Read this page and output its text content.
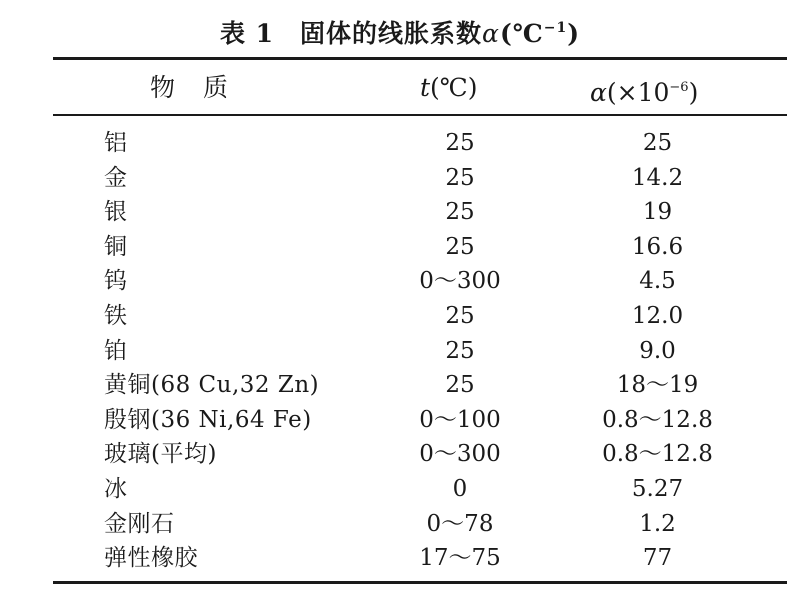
表 1　固体的线胀系数α(℃$^{-1}$)
物质	t(℃)	$\alpha(\times 10^{-6})$
铝	25	25
金	25	14.2
银	25	19
铜	25	16.6
钨	0～300	4.5
铁	25	12.0
铂	25	9.0
黄铜(68 Cu,32 Zn)	25	18～19
殷钢(36 Ni,64 Fe)	0～100	0.8～12.8
玻璃(平均)	0～300	0.8～12.8
冰	0	5.27
金刚石	0～78	1.2
弹性橡胶	17～75	77
